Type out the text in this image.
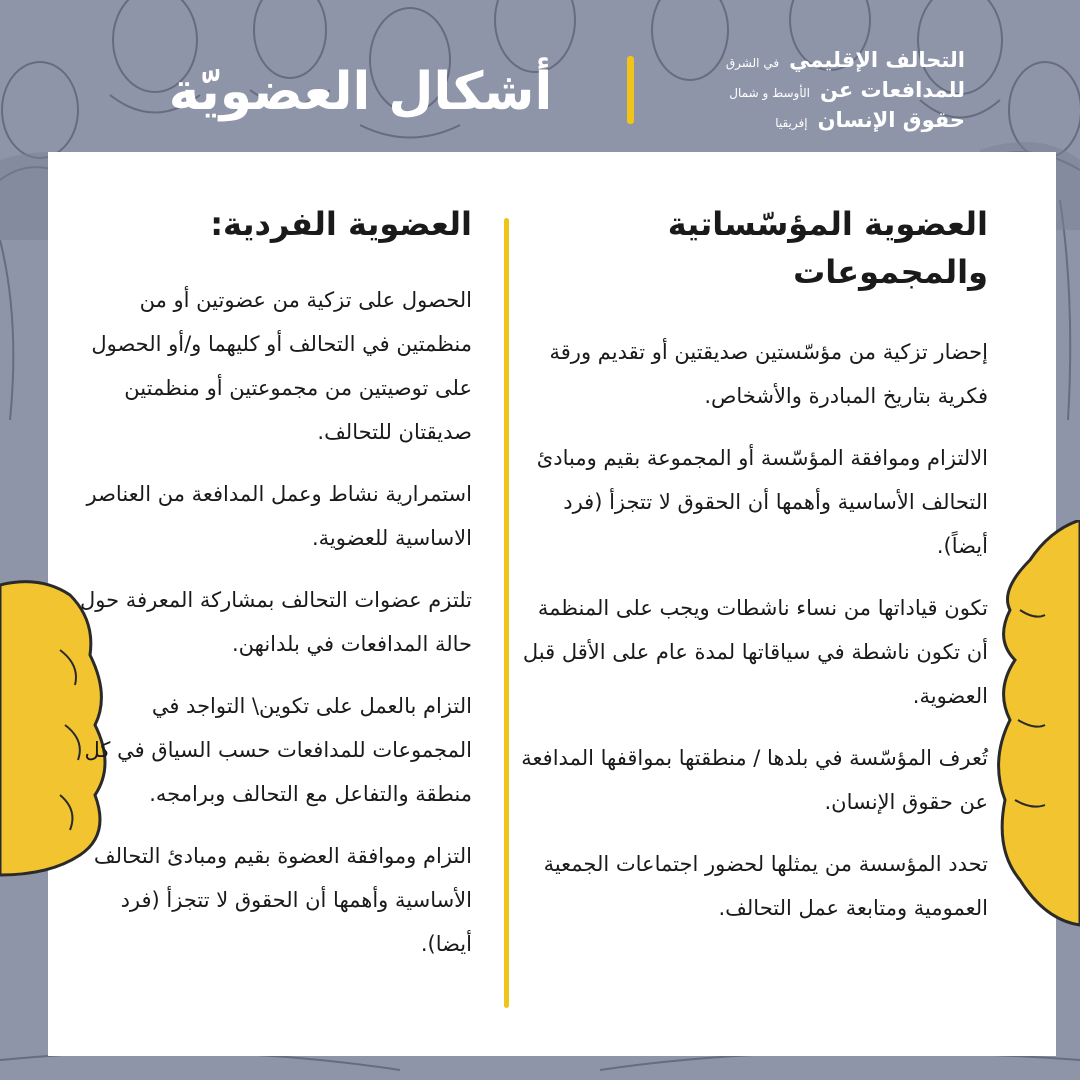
أشكال العضويّة
التحالف الإقليميفي الشرق
للمدافعات عنالأوسط و شمال
حقوق الإنسانإفريقيا
العضوية المؤسّساتية والمجموعات

إحضار تزكية من مؤسّستين صديقتين أو تقديم ورقة فكرية بتاريخ المبادرة والأشخاص.

الالتزام وموافقة المؤسّسة أو المجموعة بقيم ومبادئ التحالف الأساسية وأهمها أن الحقوق لا تتجزأ (فرد أيضاً).

تكون قياداتها من نساء ناشطات ويجب على المنظمة أن تكون ناشطة في سياقاتها لمدة عام على الأقل قبل العضوية.

تُعرف المؤسّسة في بلدها / منطقتها بمواقفها المدافعة عن حقوق الإنسان.

تحدد المؤسسة من يمثلها لحضور اجتماعات الجمعية العمومية ومتابعة عمل التحالف.

العضوية الفردية:

الحصول على تزكية من عضوتين أو من منظمتين في التحالف أو كليهما و/أو الحصول على توصيتين من مجموعتين أو منظمتين صديقتان للتحالف.

استمرارية نشاط وعمل المدافعة من العناصر الاساسية للعضوية.

تلتزم عضوات التحالف بمشاركة المعرفة حول حالة المدافعات في بلدانهن.

التزام بالعمل على تكوين\ التواجد في المجموعات للمدافعات حسب السياق في كل منطقة والتفاعل مع التحالف وبرامجه.

التزام وموافقة العضوة بقيم ومبادئ التحالف الأساسية وأهمها أن الحقوق لا تتجزأ (فرد أيضا).
